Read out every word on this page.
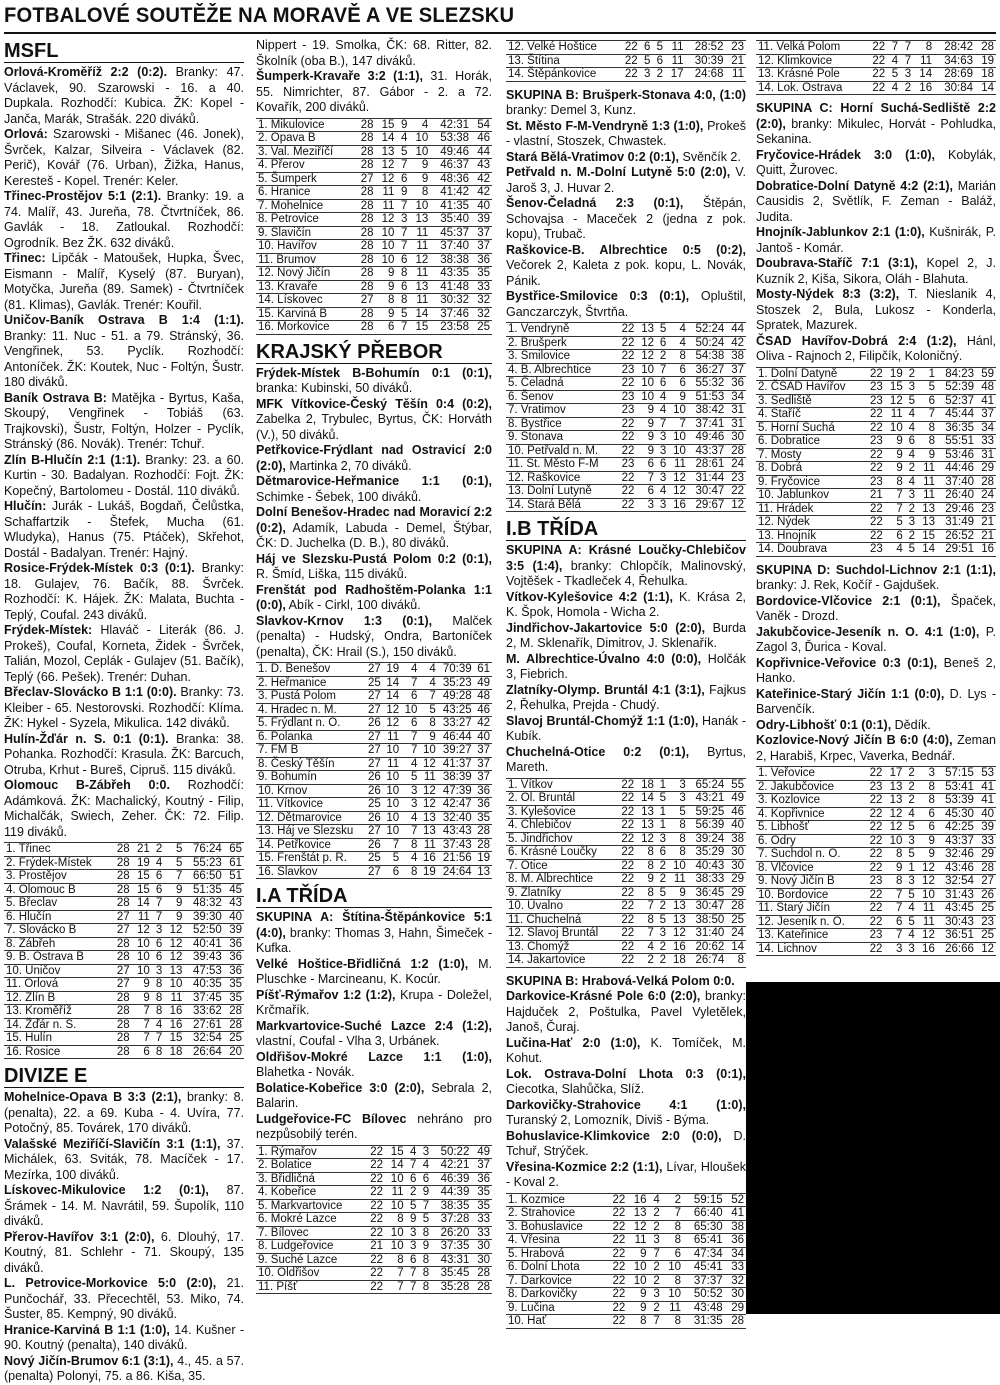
FOTBALOVÉ SOUTĚŽE NA MORAVĚ A VE SLEZSKU
MSFL

Orlová-Kroměříž 2:2 (0:2). Branky: 47. Václavek, 90. Szarowski - 16. a 40. Dupkala. Rozhodčí: Kubica. ŽK: Kopel - Janča, Marák, Strašák. 220 diváků.

Orlová: Szarowski - Mišanec (46. Jonek), Švrček, Kalzar, Silveira - Václavek (82. Perič), Kovář (76. Urban), Žižka, Hanus, Keresteš - Kopel. Trenér: Keler.

Třinec-Prostějov 5:1 (2:1). Branky: 19. a 74. Malíř, 43. Jureňa, 78. Čtvrtníček, 86. Gavlák - 18. Zatloukal. Rozhodčí: Ogrodník. Bez ŽK. 632 diváků.

Třinec: Lipčák - Matoušek, Hupka, Švec, Eismann - Malíř, Kyselý (87. Buryan), Motyčka, Jureňa (89. Samek) - Čtvrtníček (81. Klimas), Gavlák. Trenér: Kouřil.

Uničov-Baník Ostrava B 1:4 (1:1). Branky: 11. Nuc - 51. a 79. Stránský, 36. Vengřinek, 53. Pyclík. Rozhodčí: Antoníček. ŽK: Koutek, Nuc - Foltýn, Šustr. 180 diváků.

Baník Ostrava B: Matějka - Byrtus, Kaša, Skoupý, Vengřinek - Tobiáš (63. Trajkovski), Šustr, Foltýn, Holzer - Pyclík, Stránský (86. Novák). Trenér: Tchuř.

Zlín B-Hlučín 2:1 (1:1). Branky: 23. a 60. Kurtin - 30. Badalyan. Rozhodčí: Fojt. ŽK: Kopečný, Bartolomeu - Dostál. 110 diváků.

Hlučín: Jurák - Lukáš, Bogdaň, Čelůstka, Schaffartzik - Štefek, Mucha (61. Wludyka), Hanus (75. Ptáček), Skřehot, Dostál - Badalyan. Trenér: Hajný.

Rosice-Frýdek-Místek 0:3 (0:1). Branky: 18. Gulajev, 76. Bačík, 88. Švrček. Rozhodčí: K. Hájek. ŽK: Malata, Buchta - Teplý, Coufal. 243 diváků.

Frýdek-Místek: Hlaváč - Literák (86. J. Prokeš), Coufal, Korneta, Židek - Švrček, Talián, Mozol, Ceplák - Gulajev (51. Bačík), Teplý (66. Pešek). Trenér: Duhan.

Břeclav-Slovácko B 1:1 (0:0). Branky: 73. Kleiber - 65. Nestorovski. Rozhodčí: Klíma. ŽK: Hykel - Syzela, Mikulica. 142 diváků.

Hulín-Žďár n. S. 0:1 (0:1). Branka: 38. Pohanka. Rozhodčí: Krasula. ŽK: Barcuch, Otruba, Krhut - Bureš, Cipruš. 115 diváků.

Olomouc B-Zábřeh 0:0. Rozhodčí: Adámková. ŽK: Machalický, Koutný - Filip, Michalčák, Swiech, Zeher. ČK: 72. Filip. 119 diváků.

1. Třinec	28	21	2	5	76:24	65
2. Frýdek-Místek	28	19	4	5	55:23	61
3. Prostějov	28	15	6	7	66:50	51
4. Olomouc B	28	15	6	9	51:35	45
5. Břeclav	28	14	7	9	48:32	43
6. Hlučín	27	11	7	9	39:30	40
7. Slovácko B	27	12	3	12	52:50	39
8. Zábřeh	28	10	6	12	40:41	36
9. B. Ostrava B	28	10	6	12	39:43	36
10. Uničov	27	10	3	13	47:53	36
11. Orlová	27	9	8	10	40:35	35
12. Zlín B	28	9	8	11	37:45	35
13. Kroměříž	28	7	8	16	33:62	28
14. Žďár n. S.	28	7	4	16	27:61	28
15. Hulín	28	7	7	15	32:54	25
16. Rosice	28	6	8	18	26:64	20
DIVIZE E

Mohelnice-Opava B 3:3 (2:1), branky: 8. (penalta), 22. a 69. Kuba - 4. Uvíra, 77. Potočný, 85. Továrek, 170 diváků.

Valašské Meziříčí-Slavičín 3:1 (1:1), 37. Michálek, 63. Sviták, 78. Macíček - 17. Mezírka, 100 diváků.

Lískovec-Mikulovice 1:2 (0:1), 87. Šrámek - 14. M. Navrátil, 59. Šupolík, 110 diváků.

Přerov-Havířov 3:1 (2:0), 6. Dlouhý, 17. Koutný, 81. Schlehr - 71. Skoupý, 135 diváků.

L. Petrovice-Morkovice 5:0 (2:0), 21. Punčochář, 33. Přecechtěl, 53. Miko, 74. Šuster, 85. Kempný, 90 diváků.

Hranice-Karviná B 1:1 (1:0), 14. Kušner - 90. Koutný (penalta), 140 diváků.

Nový Jičín-Brumov 6:1 (3:1), 4., 45. a 57. (penalta) Polonyi, 75. a 86. Kiša, 35.

Nippert - 19. Smolka, ČK: 68. Ritter, 82. Školník (oba B.), 147 diváků.

Šumperk-Kravaře 3:2 (1:1), 31. Horák, 55. Nimrichter, 87. Gábor - 2. a 72. Kovařík, 200 diváků.

1. Mikulovice	28	15	9	4	42:31	54
2. Opava B	28	14	4	10	53:38	46
3. Val. Meziříčí	28	13	5	10	49:46	44
4. Přerov	28	12	7	9	46:37	43
5. Šumperk	27	12	6	9	48:36	42
6. Hranice	28	11	9	8	41:42	42
7. Mohelnice	28	11	7	10	41:35	40
8. Petrovice	28	12	3	13	35:40	39
9. Slavičín	28	10	7	11	45:37	37
10. Havířov	28	10	7	11	37:40	37
11. Brumov	28	10	6	12	38:38	36
12. Nový Jičín	28	9	8	11	43:35	35
13. Kravaře	28	9	6	13	41:48	33
14. Lískovec	27	8	8	11	30:32	32
15. Karviná B	28	9	5	14	37:46	32
16. Morkovice	28	6	7	15	23:58	25
KRAJSKÝ PŘEBOR

Frýdek-Místek B-Bohumín 0:1 (0:1), branka: Kubinski, 50 diváků.

MFK Vítkovice-Český Těšín 0:4 (0:2), Zabelka 2, Trybulec, Byrtus, ČK: Horváth (V.), 50 diváků.

Petřkovice-Frýdlant nad Ostravicí 2:0 (2:0), Martinka 2, 70 diváků.

Dětmarovice-Heřmanice 1:1 (0:1), Schimke - Šebek, 100 diváků.

Dolní Benešov-Hradec nad Moravicí 2:2 (0:2), Adamík, Labuda - Demel, Štýbar, ČK: D. Juchelka (D. B.), 80 diváků.

Háj ve Slezsku-Pustá Polom 0:2 (0:1), R. Šmíd, Liška, 115 diváků.

Frenštát pod Radhoštěm-Polanka 1:1 (0:0), Abík - Cirkl, 100 diváků.

Slavkov-Krnov 1:3 (0:1), Malček (penalta) - Hudský, Ondra, Bartoníček (penalta), ČK: Hrail (S.), 150 diváků.

1. D. Benešov	27	19	4	4	70:39	61
2. Heřmanice	25	14	7	4	35:23	49
3. Pustá Polom	27	14	6	7	49:28	48
4. Hradec n. M.	27	12	10	5	43:25	46
5. Frýdlant n. O.	26	12	6	8	33:27	42
6. Polanka	27	11	7	9	46:44	40
7. FM B	27	10	7	10	39:27	37
8. Český Těšín	27	11	4	12	41:37	37
9. Bohumín	26	10	5	11	38:39	37
10. Krnov	26	10	3	12	47:39	36
11. Vítkovice	25	10	3	12	42:47	36
12. Dětmarovice	26	10	4	13	32:40	35
13. Háj ve Slezsku	27	10	7	13	43:43	28
14. Petřkovice	26	7	8	11	37:43	28
15. Frenštát p. R.	25	5	4	16	21:56	19
16. Slavkov	27	6	8	19	24:64	13
I.A TŘÍDA

SKUPINA A: Štítina-Štěpánkovice 5:1 (4:0), branky: Thomas 3, Hahn, Šimeček - Kufka.

Velké Hoštice-Břidličná 1:2 (1:0), M. Pluschke - Marcineanu, K. Kocúr.

Píšť-Rýmařov 1:2 (1:2), Krupa - Doležel, Krčmařík.

Markvartovice-Suché Lazce 2:4 (1:2), vlastní, Coufal - Vlha 3, Urbánek.

Oldřišov-Mokré Lazce 1:1 (1:0), Blahetka - Novák.

Bolatice-Kobeřice 3:0 (2:0), Sebrala 2, Balarin.

Ludgeřovice-FC Bílovec nehráno pro nezpůsobilý terén.

1. Rýmařov	22	15	4	3	50:22	49
2. Bolatice	22	14	7	4	42:21	37
3. Břidličná	22	10	6	6	46:39	36
4. Kobeřice	22	11	2	9	44:39	35
5. Markvartovice	22	10	5	7	38:35	35
6. Mokré Lazce	22	8	9	5	37:28	33
7. Bílovec	22	10	3	8	26:20	33
8. Ludgeřovice	21	10	3	9	37:35	30
9. Suché Lazce	22	8	6	8	43:31	30
10. Oldřišov	22	7	7	8	35:45	28
11. Píšť	22	7	7	8	35:28	28
12. Velké Hoštice	22	6	5	11	28:52	23
13. Štítina	22	5	6	11	30:39	21
14. Štěpánkovice	22	3	2	17	24:68	11

SKUPINA B: Brušperk-Stonava 4:0, (1:0) branky: Demel 3, Kunz.

St. Město F-M-Vendryně 1:3 (1:0), Prokeš - vlastní, Stoszek, Chwastek.

Stará Bělá-Vratimov 0:2 (0:1), Svěnčík 2.

Petřvald n. M.-Dolní Lutyně 5:0 (2:0), V. Jaroš 3, J. Huvar 2.

Šenov-Čeladná 2:3 (0:1), Štěpán, Schovajsa - Maceček 2 (jedna z pok. kopu), Trubač.

Raškovice-B. Albrechtice 0:5 (0:2), Večorek 2, Kaleta z pok. kopu, L. Novák, Pánik.

Bystřice-Smilovice 0:3 (0:1), Opluštil, Ganczarczyk, Štvrtňa.

1. Vendryně	22	13	5	4	52:24	44
2. Brušperk	22	12	6	4	50:24	42
3. Smilovice	22	12	2	8	54:38	38
4. B. Albrechtice	23	10	7	6	36:27	37
5. Čeladná	22	10	6	6	55:32	36
6. Šenov	23	10	4	9	51:53	34
7. Vratimov	23	9	4	10	38:42	31
8. Bystřice	22	9	7	7	37:41	31
9. Stonava	22	9	3	10	49:46	30
10. Petřvald n. M.	22	9	3	10	43:37	28
11. St. Město F-M	23	6	6	11	28:61	24
12. Raškovice	22	7	3	12	31:44	23
13. Dolní Lutyně	22	6	4	12	30:47	22
14. Stará Bělá	22	3	3	16	29:67	12
I.B TŘÍDA

SKUPINA A: Krásné Loučky-Chlebičov 3:5 (1:4), branky: Chlopčík, Malinovský, Vojtěšek - Tkadleček 4, Řehulka.

Vítkov-Kylešovice 4:2 (1:1), K. Krása 2, K. Špok, Homola - Wicha 2.

Jindřichov-Jakartovice 5:0 (2:0), Burda 2, M. Sklenařík, Dimitrov, J. Sklenařík.

M. Albrechtice-Úvalno 4:0 (0:0), Holčák 3, Fiebrich.

Zlatníky-Olymp. Bruntál 4:1 (3:1), Fajkus 2, Řehulka, Prejda - Chudý.

Slavoj Bruntál-Chomýž 1:1 (1:0), Hanák - Kubík.

Chuchelná-Otice 0:2 (0:1), Byrtus, Mareth.

1. Vítkov	22	18	1	3	65:24	55
2. Ol. Bruntál	22	14	5	3	43:21	49
3. Kylešovice	22	13	1	5	59:25	46
4. Chlebičov	22	13	1	8	56:39	40
5. Jindřichov	22	12	3	8	39:24	38
6. Krásné Loučky	22	8	6	8	35:29	30
7. Otice	22	8	2	10	40:43	30
8. M. Albrechtice	22	9	2	11	38:33	29
9. Zlatníky	22	8	5	9	36:45	29
10. Úvalno	22	7	2	13	30:47	28
11. Chuchelná	22	8	5	13	38:50	25
12. Slavoj Bruntál	22	7	3	12	31:40	24
13. Chomýž	22	4	2	16	20:62	14
14. Jakartovice	22	2	2	18	26:74	8

SKUPINA B: Hrabová-Velká Polom 0:0.

Darkovice-Krásné Pole 6:0 (2:0), branky: Hajduček 2, Poštulka, Pavel Vyletělek, Janoš, Čuraj.

Lučina-Hať 2:0 (1:0), K. Tomíček, M. Kohut.

Lok. Ostrava-Dolní Lhota 0:3 (0:1), Ciecotka, Slahůčka, Slíž.

Darkovičky-Strahovice 4:1 (1:0), Turanský 2, Lomozník, Diviš - Býma.

Bohuslavice-Klimkovice 2:0 (0:0), D. Tchuř, Strýček.

Vřesina-Kozmice 2:2 (1:1), Lívar, Hloušek - Koval 2.

1. Kozmice	22	16	4	2	59:15	52
2. Strahovice	22	13	2	7	66:40	41
3. Bohuslavice	22	12	2	8	65:30	38
4. Vřesina	22	11	3	8	65:41	36
5. Hrabová	22	9	7	6	47:34	34
6. Dolní Lhota	22	10	2	10	45:41	33
7. Darkovice	22	10	2	8	37:37	32
8. Darkovičky	22	9	3	10	50:52	30
9. Lučina	22	9	2	11	43:48	29
10. Hať	22	8	7	8	31:35	28
11. Velká Polom	22	7	7	8	28:42	28
12. Klimkovice	22	4	7	11	34:63	19
13. Krásné Pole	22	5	3	14	28:69	18
14. Lok. Ostrava	22	4	2	16	30:84	14

SKUPINA C: Horní Suchá-Sedliště 2:2 (2:0), branky: Mikulec, Horvát - Pohludka, Sekanina.

Fryčovice-Hrádek 3:0 (1:0), Kobylák, Quitt, Žurovec.

Dobratice-Dolní Datyně 4:2 (2:1), Marián Causidis 2, Světlík, F. Zeman - Baláž, Judita.

Hnojník-Jablunkov 2:1 (1:0), Kušnirák, P. Jantoš - Komár.

Doubrava-Staříč 7:1 (3:1), Kopel 2, J. Kuzník 2, Kiša, Sikora, Oláh - Blahuta.

Mosty-Nýdek 8:3 (3:2), T. Nieslanik 4, Stoszek 2, Bula, Lukosz - Konderla, Spratek, Mazurek.

ČSAD Havířov-Dobrá 2:4 (1:2), Hánl, Oliva - Rajnoch 2, Filipčík, Koloničný.

1. Dolní Datyně	22	19	2	1	84:23	59
2. ČSAD Havířov	23	15	3	5	52:39	48
3. Sedliště	23	12	5	6	52:37	41
4. Staříč	22	11	4	7	45:44	37
5. Horní Suchá	22	10	4	8	36:35	34
6. Dobratice	23	9	6	8	55:51	33
7. Mosty	22	9	4	9	53:46	31
8. Dobrá	22	9	2	11	44:46	29
9. Fryčovice	23	8	4	11	37:40	28
10. Jablunkov	21	7	3	11	26:40	24
11. Hrádek	22	7	2	13	29:46	23
12. Nýdek	22	5	3	13	31:49	21
13. Hnojník	22	6	2	15	26:52	21
14. Doubrava	23	4	5	14	29:51	16

SKUPINA D: Suchdol-Lichnov 2:1 (1:1), branky: J. Rek, Kočíř - Gajdušek.

Bordovice-Vlčovice 2:1 (0:1), Špaček, Vaněk - Drozd.

Jakubčovice-Jeseník n. O. 4:1 (1:0), P. Zagol 3, Ďurica - Koval.

Kopřivnice-Veřovice 0:3 (0:1), Beneš 2, Hanko.

Kateřinice-Starý Jičín 1:1 (0:0), D. Lys - Barvenčík.

Odry-Libhošť 0:1 (0:1), Dědík.

Kozlovice-Nový Jičín B 6:0 (4:0), Zeman 2, Harabiš, Krpec, Vaverka, Bednář.

1. Veřovice	22	17	2	3	57:15	53
2. Jakubčovice	23	13	2	8	53:41	41
3. Kozlovice	22	13	2	8	53:39	41
4. Kopřivnice	22	12	4	6	45:30	40
5. Libhošť	22	12	5	6	42:25	39
6. Odry	22	10	3	9	43:37	33
7. Suchdol n. O.	22	8	5	9	32:46	29
8. Vlčovice	22	9	1	12	43:46	28
9. Nový Jičín B	23	8	3	12	32:54	27
10. Bordovice	22	7	5	10	31:43	26
11. Starý Jičín	22	7	4	11	43:45	25
12. Jeseník n. O.	22	6	5	11	30:43	23
13. Kateřinice	23	7	4	12	36:51	25
14. Lichnov	22	3	3	16	26:66	12
